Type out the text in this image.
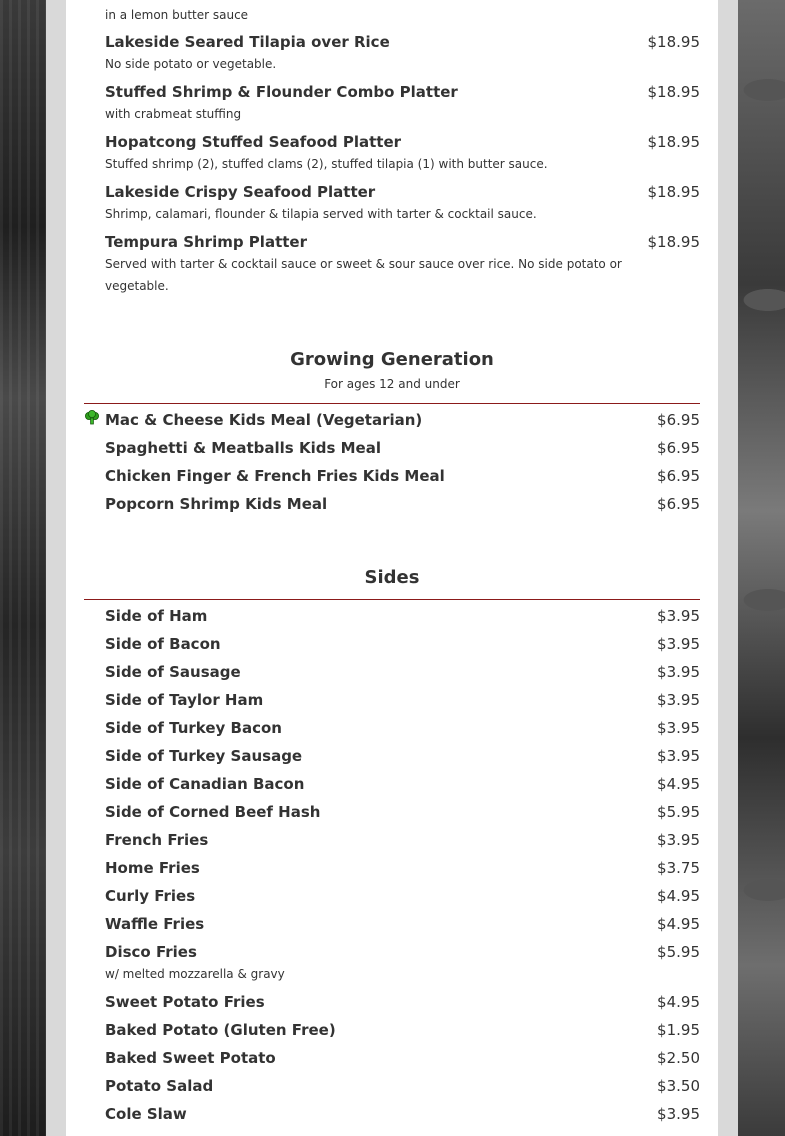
in a lemon butter sauce
Lakeside Seared Tilapia over Rice	$18.95
No side potato or vegetable.
Stuffed Shrimp & Flounder Combo Platter	$18.95
with crabmeat stuffing
Hopatcong Stuffed Seafood Platter	$18.95
Stuffed shrimp (2), stuffed clams (2), stuffed tilapia (1) with butter sauce.
Lakeside Crispy Seafood Platter	$18.95
Shrimp, calamari, flounder & tilapia served with tarter & cocktail sauce.
Tempura Shrimp Platter	$18.95
Served with tarter & cocktail sauce or sweet & sour sauce over rice. No side potato or vegetable.
Growing Generation
For ages 12 and under
Mac & Cheese Kids Meal (Vegetarian)	$6.95
Spaghetti & Meatballs Kids Meal	$6.95
Chicken Finger & French Fries Kids Meal	$6.95
Popcorn Shrimp Kids Meal	$6.95
Sides
Side of Ham	$3.95
Side of Bacon	$3.95
Side of Sausage	$3.95
Side of Taylor Ham	$3.95
Side of Turkey Bacon	$3.95
Side of Turkey Sausage	$3.95
Side of Canadian Bacon	$4.95
Side of Corned Beef Hash	$5.95
French Fries	$3.95
Home Fries	$3.75
Curly Fries	$4.95
Waffle Fries	$4.95
Disco Fries	$5.95
w/ melted mozzarella & gravy
Sweet Potato Fries	$4.95
Baked Potato (Gluten Free)	$1.95
Baked Sweet Potato	$2.50
Potato Salad	$3.50
Cole Slaw	$3.95
